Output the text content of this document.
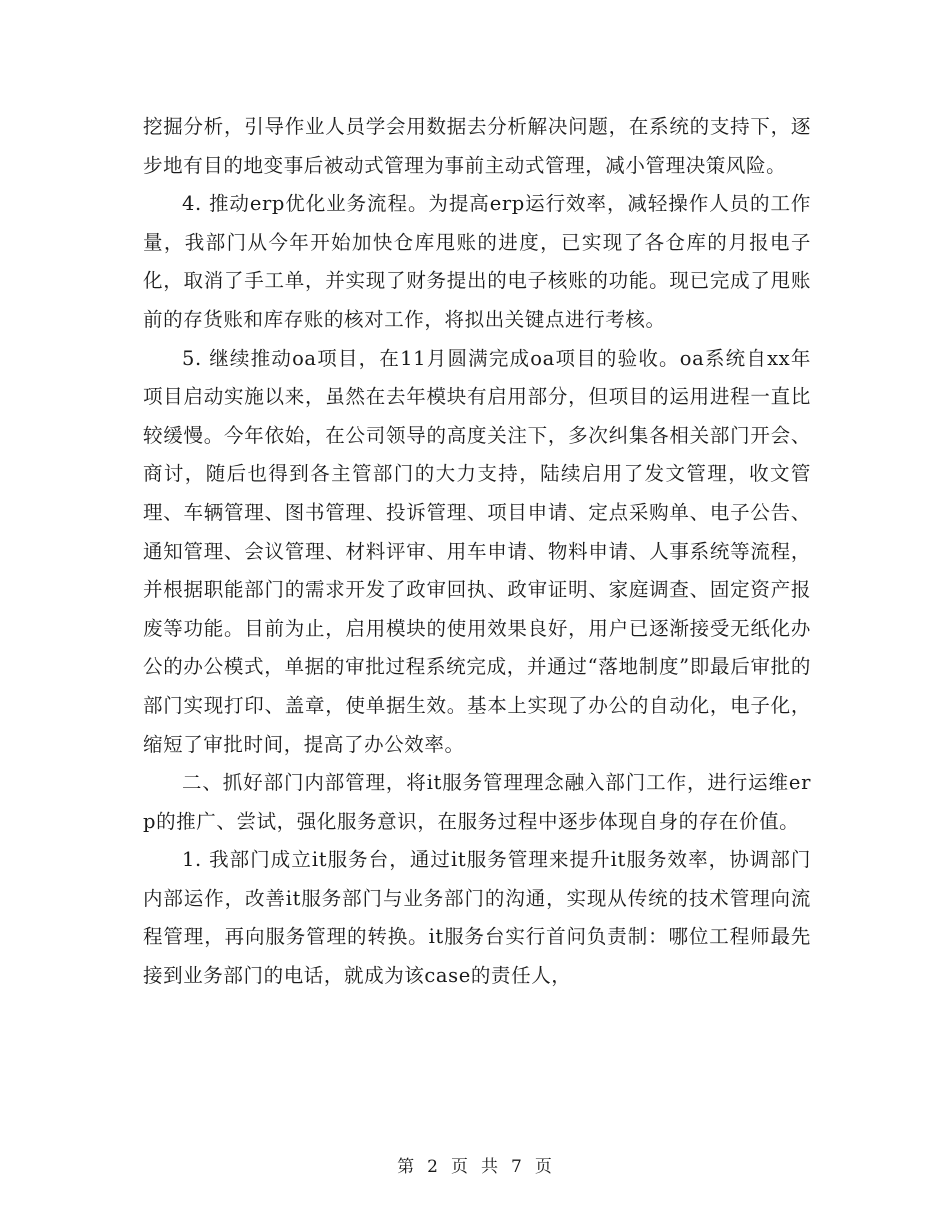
挖掘分析，引导作业人员学会用数据去分析解决问题，在系统的支持下，逐步地有目的地变事后被动式管理为事前主动式管理，减小管理决策风险。

4. 推动erp优化业务流程。为提高erp运行效率，减轻操作人员的工作量，我部门从今年开始加快仓库甩账的进度，已实现了各仓库的月报电子化，取消了手工单，并实现了财务提出的电子核账的功能。现已完成了甩账前的存货账和库存账的核对工作，将拟出关键点进行考核。

5. 继续推动oa项目，在11月圆满完成oa项目的验收。oa系统自xx年项目启动实施以来，虽然在去年模块有启用部分，但项目的运用进程一直比较缓慢。今年依始，在公司领导的高度关注下，多次纠集各相关部门开会、商讨，随后也得到各主管部门的大力支持，陆续启用了发文管理，收文管理、车辆管理、图书管理、投诉管理、项目申请、定点采购单、电子公告、通知管理、会议管理、材料评审、用车申请、物料申请、人事系统等流程，并根据职能部门的需求开发了政审回执、政审证明、家庭调查、固定资产报废等功能。目前为止，启用模块的使用效果良好，用户已逐渐接受无纸化办公的办公模式，单据的审批过程系统完成，并通过“落地制度”即最后审批的部门实现打印、盖章，使单据生效。基本上实现了办公的自动化，电子化，缩短了审批时间，提高了办公效率。

二、抓好部门内部管理，将it服务管理理念融入部门工作，进行运维erp的推广、尝试，强化服务意识，在服务过程中逐步体现自身的存在价值。

1. 我部门成立it服务台，通过it服务管理来提升it服务效率，协调部门内部运作，改善it服务部门与业务部门的沟通，实现从传统的技术管理向流程管理，再向服务管理的转换。it服务台实行首问负责制：哪位工程师最先接到业务部门的电话，就成为该case的责任人，

第 2 页 共 7 页
